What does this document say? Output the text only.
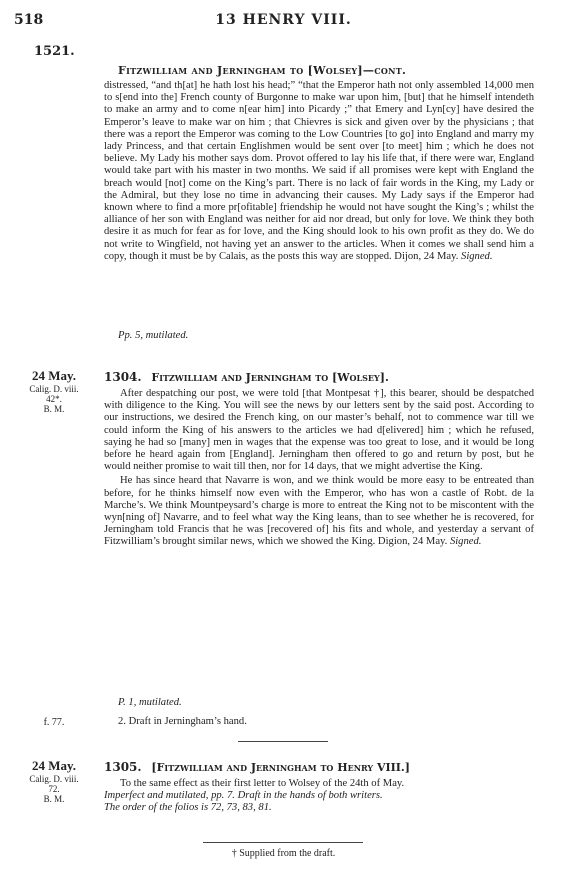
518	13 HENRY VIII.
1521.
Fitzwilliam and Jerningham to [Wolsey]—cont.

distressed, “and th[at] he hath lost his head;” “that the Emperor hath not only assembled 14,000 men to s[end into the] French county of Burgonne to make war upon him, [but] that he himself intendeth to make an army and to come n[ear him] into Picardy ;” that Emery and Lyn[cy] have desired the Emperor’s leave to make war on him ; that Chievres is sick and given over by the physicians ; that there was a report the Emperor was coming to the Low Countries [to go] into England and marry my lady Princess, and that certain Englishmen would be sent over [to meet] him ; which he does not believe. My Lady his mother says dom. Provot offered to lay his life that, if there were war, England would take part with his master in two months. We said if all promises were kept with England the breach would [not] come on the King’s part. There is no lack of fair words in the King, my Lady or the Admiral, but they lose no time in advancing their causes. My Lady says if the Emperor had known where to find a more pr[ofitable] friendship he would not have sought the King’s ; whilst the alliance of her son with England was neither for aid nor dread, but only for love. We think they both desire it as much for fear as for love, and the King should look to his own profit as they do. We do not write to Wingfield, not having yet an answer to the articles. When it comes we shall send him a copy, though it must be by Calais, as the posts this way are stopped. Dijon, 24 May. Signed.

Pp. 5, mutilated.
24 May.
Calig. D. viii.
42*.
B. M.
1304. Fitzwilliam and Jerningham to [Wolsey].

After despatching our post, we were told [that Montpesat †], this bearer, should be despatched with diligence to the King. You will see the news by our letters sent by the said post. According to our instructions, we desired the French king, on our master’s behalf, not to commence war till we could inform the King of his answers to the articles we had d[elivered] him ; which he refused, saying he had so [many] men in wages that the expense was too great to lose, and it would be long before he heard again from [England]. Jerningham then offered to go and return by post, but he would neither promise to wait till then, nor for 14 days, that we might advertise the King.

He has since heard that Navarre is won, and we think would be more easy to be entreated than before, for he thinks himself now even with the Emperor, who has won a castle of Robt. de la Marche’s. We think Mountpeysard’s charge is more to entreat the King not to be miscontent with the wyn[ning of] Navarre, and to feel what way the King leans, than to see whether he is recovered, for Jerningham told Francis that he was [recovered of] his fits and whole, and yesterday a servant of Fitzwilliam’s brought similar news, which we showed the King. Digion, 24 May. Signed.

P. 1, mutilated.
f. 77.	2. Draft in Jerningham’s hand.
24 May.
Calig. D. viii.
72.
B. M.
1305. [Fitzwilliam and Jerningham to Henry VIII.]

To the same effect as their first letter to Wolsey of the 24th of May.

Imperfect and mutilated, pp. 7. Draft in the hands of both writers.

The order of the folios is 72, 73, 83, 81.

† Supplied from the draft.
